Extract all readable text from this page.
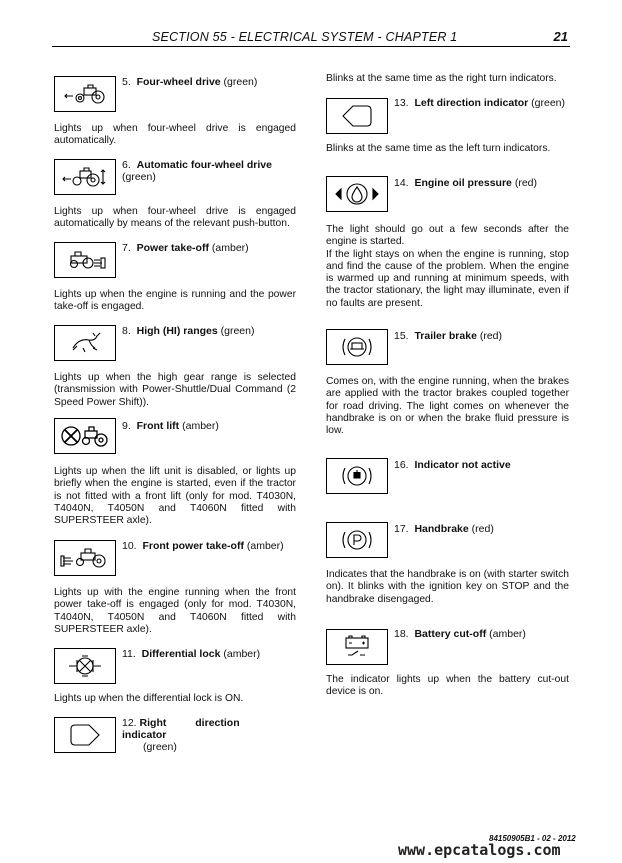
SECTION 55 - ELECTRICAL SYSTEM - CHAPTER 1	21
5. Four-wheel drive (green)
Lights up when four-wheel drive is engaged automatically.
6. Automatic four-wheel drive
(green)
Lights up when four-wheel drive is engaged automatically by means of the relevant push-button.
7. Power take-off (amber)
Lights up when the engine is running and the power take-off is engaged.
8. High (HI) ranges (green)
Lights up when the high gear range is selected (transmission with Power-Shuttle/Dual Command (2 Speed Power Shift)).
9. Front lift (amber)
Lights up when the lift unit is disabled, or lights up briefly when the engine is started, even if the tractor is not fitted with a front lift (only for mod. T4030N, T4040N, T4050N and T4060N fitted with SUPERSTEER axle).
10. Front power take-off (amber)
Lights up with the engine running when the front power take-off is engaged (only for mod. T4030N, T4040N, T4050N and T4060N fitted with SUPERSTEER axle).
11. Differential lock (amber)
Lights up when the differential lock is ON.
12. Right direction indicator
(green)
Blinks at the same time as the right turn indicators.
13. Left direction indicator (green)
Blinks at the same time as the left turn indicators.
14. Engine oil pressure (red)
The light should go out a few seconds after the engine is started.
If the light stays on when the engine is running, stop and find the cause of the problem. When the engine is warmed up and running at minimum speeds, with the tractor stationary, the light may illuminate, even if no faults are present.
15. Trailer brake (red)
Comes on, with the engine running, when the brakes are applied with the tractor brakes coupled together for road driving. The light comes on whenever the handbrake is on or when the brake fluid pressure is low.
16. Indicator not active
17. Handbrake (red)
Indicates that the handbrake is on (with starter switch on). It blinks with the ignition key on STOP and the handbrake disengaged.
18. Battery cut-off (amber)
The indicator lights up when the battery cut-out device is on.
84150905B1 - 02 - 2012
www.epcatalogs.com
